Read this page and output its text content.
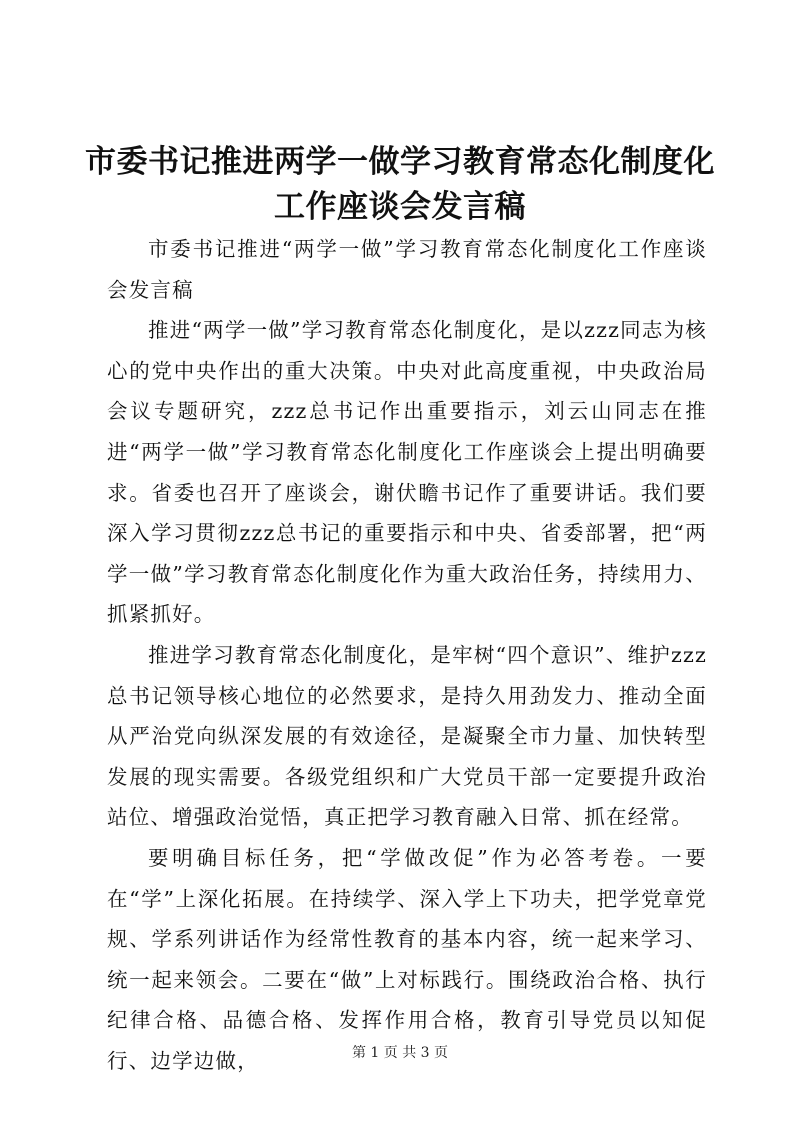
市委书记推进两学一做学习教育常态化制度化
工作座谈会发言稿

市委书记推进“两学一做”学习教育常态化制度化工作座谈会发言稿

推进“两学一做”学习教育常态化制度化，是以zzz同志为核心的党中央作出的重大决策。中央对此高度重视，中央政治局会议专题研究，zzz总书记作出重要指示，刘云山同志在推进“两学一做”学习教育常态化制度化工作座谈会上提出明确要求。省委也召开了座谈会，谢伏瞻书记作了重要讲话。我们要深入学习贯彻zzz总书记的重要指示和中央、省委部署，把“两学一做”学习教育常态化制度化作为重大政治任务，持续用力、抓紧抓好。

推进学习教育常态化制度化，是牢树“四个意识”、维护zzz总书记领导核心地位的必然要求，是持久用劲发力、推动全面从严治党向纵深发展的有效途径，是凝聚全市力量、加快转型发展的现实需要。各级党组织和广大党员干部一定要提升政治站位、增强政治觉悟，真正把学习教育融入日常、抓在经常。

要明确目标任务，把“学做改促”作为必答考卷。一要在“学”上深化拓展。在持续学、深入学上下功夫，把学党章党规、学系列讲话作为经常性教育的基本内容，统一起来学习、统一起来领会。二要在“做”上对标践行。围绕政治合格、执行纪律合格、品德合格、发挥作用合格，教育引导党员以知促行、边学边做，	第 1 页 共 3 页
